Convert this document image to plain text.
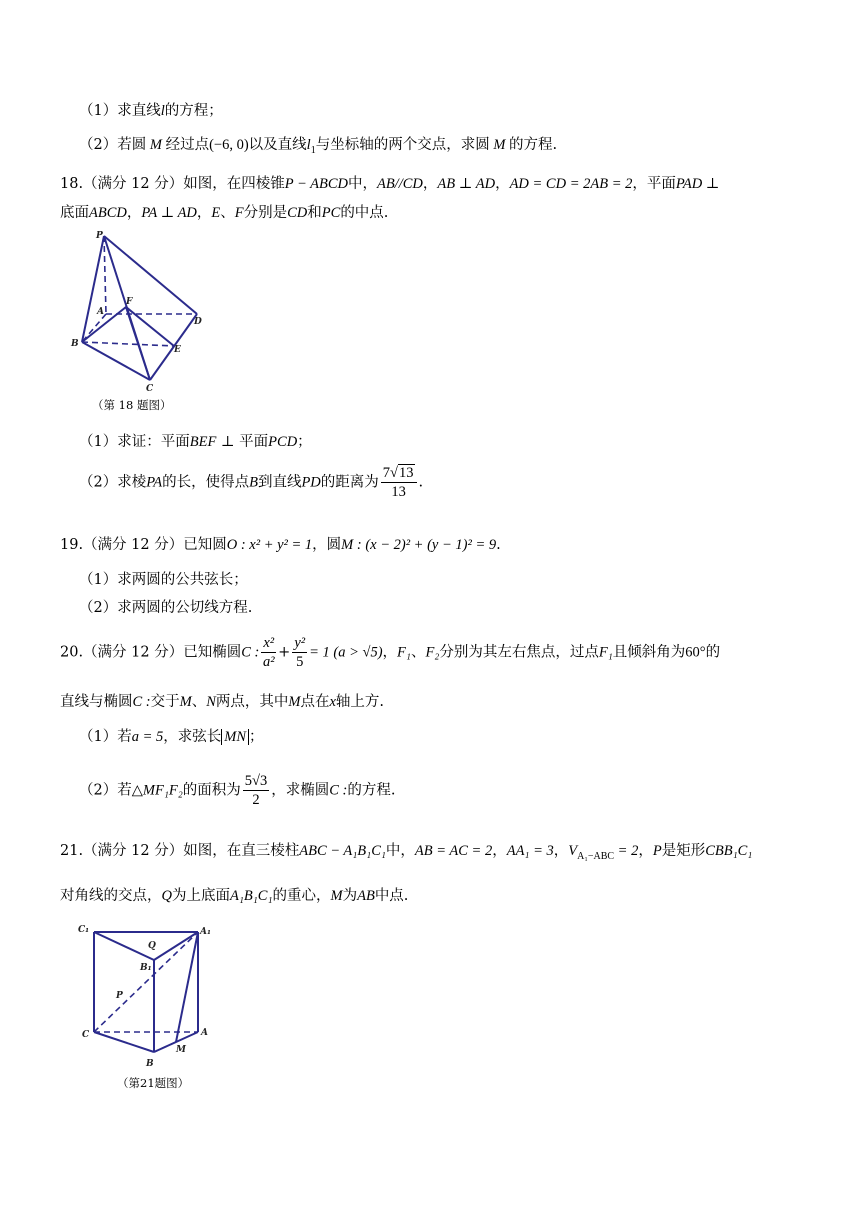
（1）求直线l的方程；
（2）若圆 M 经过点(−6, 0)以及直线$l_1$与坐标轴的两个交点，求圆 M 的方程.
18.（满分 12 分）如图，在四棱锥P − ABCD中，AB//CD，AB ⊥ AD，AD = CD = 2AB = 2，平面PAD ⊥
底面ABCD，PA ⊥ AD，E、F分别是CD和PC的中点.
P
A
F
D
B
E
C
（第 18 题图）
（1）求证：平面BEF ⊥ 平面PCD；
（2）求棱PA的长，使得点B到直线PD的距离为 $\frac{7√13}{13}$ .
19.（满分 12 分）已知圆O : x² + y² = 1，圆M : (x − 2)² + (y − 1)² = 9.
（1）求两圆的公共弦长；
（2）求两圆的公切线方程.
20.（满分 12 分）已知椭圆C : $\frac{\text{x²}}{\text{a²}} + \frac{\text{y²}}{5} = 1$ (a > √5)，F₁、F₂分别为其左右焦点，过点F₁且倾斜角为60°的
直线与椭圆C :交于M、N两点，其中M点在x轴上方.
（1）若a = 5，求弦长 MN ；
（2）若△MF₁F₂的面积为 $\frac{5√3}{2}$ ，求椭圆C :的方程.
21.（满分 12 分）如图，在直三棱柱ABC − A₁B₁C₁中，AB = AC = 2，AA₁ = 3，$V_{A_1-ABC} = 2$，P是矩形CBB₁C₁
对角线的交点，Q为上底面A₁B₁C₁的重心，M为AB中点.
C₁
Q
A₁
B₁
P
C	A
M
B
（第21题图）
